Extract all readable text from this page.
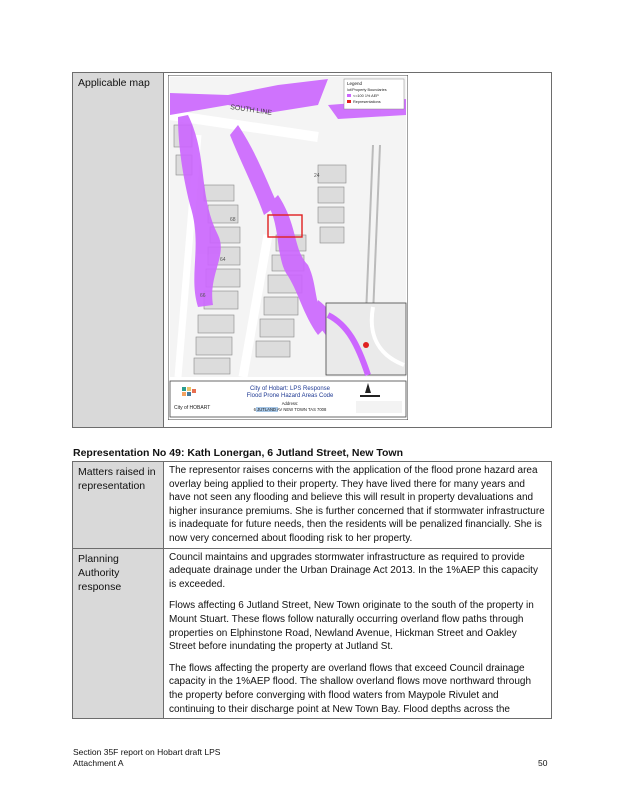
Applicable map

SOUTH LINE
24
68
64
66
Legend
lot/Property Boundaries
<=100 1% AEP
Representations
City of HOBART
City of Hobart: LPS Response
Flood Prone Hazard Areas Code
Address:
6 JUTLAND AV NEW TOWN TAS 7008
Representation No 49: Kath Lonergan, 6 Jutland Street, New Town
Matters raised in representation	The representor raises concerns with the application of the flood prone hazard area overlay being applied to their property. They have lived there for many years and have not seen any flooding and believe this will result in property devaluations and higher insurance premiums. She is further concerned that if stormwater infrastructure is inadequate for future needs, then the residents will be penalized financially. She is now very concerned about flooding risk to her property.

Planning Authority response	Council maintains and upgrades stormwater infrastructure as required to provide adequate drainage under the Urban Drainage Act 2013. In the 1%AEP this capacity is exceeded.

Flows affecting 6 Jutland Street, New Town originate to the south of the property in Mount Stuart. These flows follow naturally occurring overland flow paths through properties on Elphinstone Road, Newland Avenue, Hickman Street and Oakley Street before inundating the property at Jutland St.

The flows affecting the property are overland flows that exceed Council drainage capacity in the 1%AEP flood. The shallow overland flows move northward through the property before converging with flood waters from Maypole Rivulet and continuing to their discharge point at New Town Bay. Flood depths across the

Section 35F report on Hobart draft LPS
Attachment A	50
